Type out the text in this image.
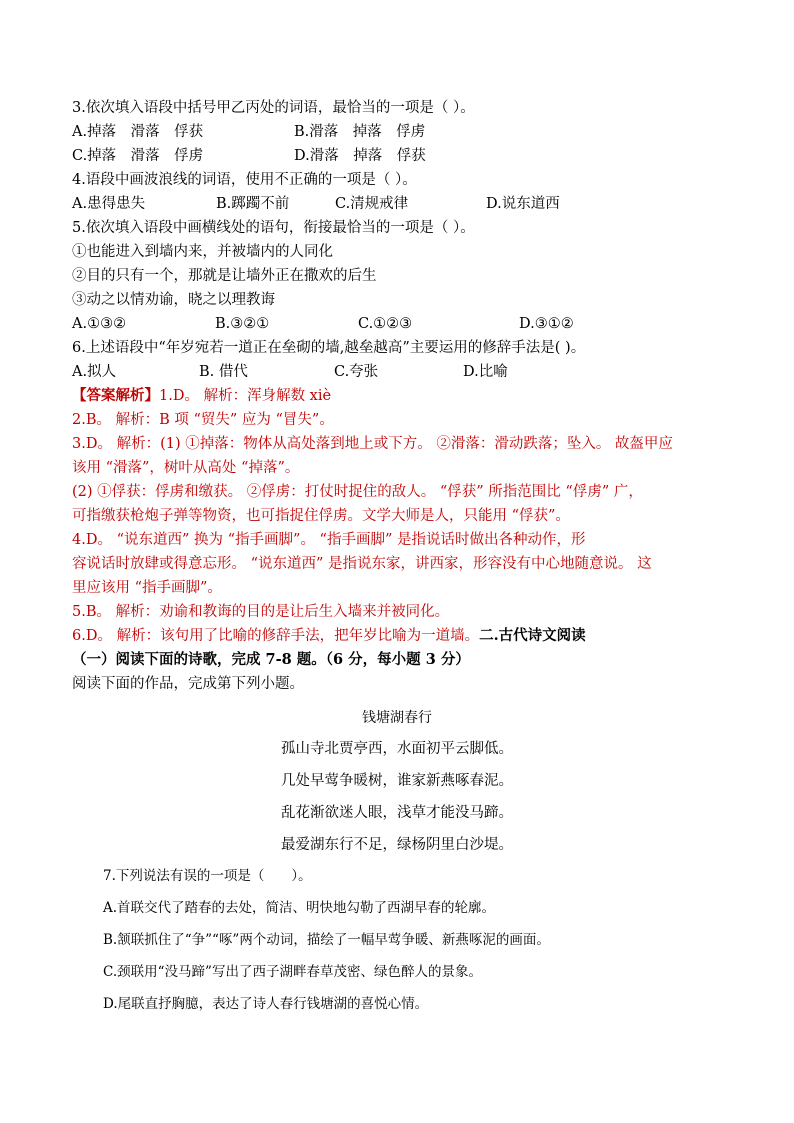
3.依次填入语段中括号甲乙丙处的词语，最恰当的一项是（ ）。
A.掉落　滑落　俘获	B.滑落　掉落　俘虏
C.掉落　滑落　俘虏	D.滑落　掉落　俘获
4.语段中画波浪线的词语，使用不正确的一项是（ ）。
A.患得患失	B.踯躅不前	C.清规戒律	D.说东道西
5.依次填入语段中画横线处的语句，衔接最恰当的一项是（ ）。
①也能进入到墙内来，并被墙内的人同化
②目的只有一个，那就是让墙外正在撒欢的后生
③动之以情劝谕，晓之以理教诲
A.①③②	B.③②①	C.①②③	D.③①②
6.上述语段中“年岁宛若一道正在垒砌的墙,越垒越高”主要运用的修辞手法是( )。
A.拟人	B. 借代	C.夸张	D.比喻
【答案解析】1.D。 解析：浑身解数 xiè
2.B。 解析：B 项 “贸失” 应为 “冒失”。
3.D。 解析：(1) ①掉落：物体从高处落到地上或下方。 ②滑落：滑动跌落；坠入。 故盔甲应
该用 “滑落”，树叶从高处 “掉落”。
(2) ①俘获：俘虏和缴获。 ②俘虏：打仗时捉住的敌人。 “俘获” 所指范围比 “俘虏” 广，
可指缴获枪炮子弹等物资，也可指捉住俘虏。文学大师是人，只能用 “俘获”。
4.D。 “说东道西” 换为 “指手画脚”。 “指手画脚” 是指说话时做出各种动作，形
容说话时放肆或得意忘形。 “说东道西” 是指说东家，讲西家，形容没有中心地随意说。 这
里应该用 “指手画脚”。
5.B。 解析：劝谕和教诲的目的是让后生入墙来并被同化。
6.D。 解析：该句用了比喻的修辞手法，把年岁比喻为一道墙。二.古代诗文阅读
（一）阅读下面的诗歌，完成 7-8 题。（6 分，每小题 3 分）
阅读下面的作品，完成第下列小题。
钱塘湖春行
孤山寺北贾亭西，水面初平云脚低。
几处早莺争暖树，谁家新燕啄春泥。
乱花渐欲迷人眼，浅草才能没马蹄。
最爱湖东行不足，绿杨阴里白沙堤。
7.下列说法有误的一项是（　　）。
A.首联交代了踏春的去处，简洁、明快地勾勒了西湖早春的轮廓。
B.颔联抓住了“争”“啄”两个动词，描绘了一幅早莺争暖、新燕啄泥的画面。
C.颈联用“没马蹄”写出了西子湖畔春草茂密、绿色醉人的景象。
D.尾联直抒胸臆，表达了诗人春行钱塘湖的喜悦心情。
